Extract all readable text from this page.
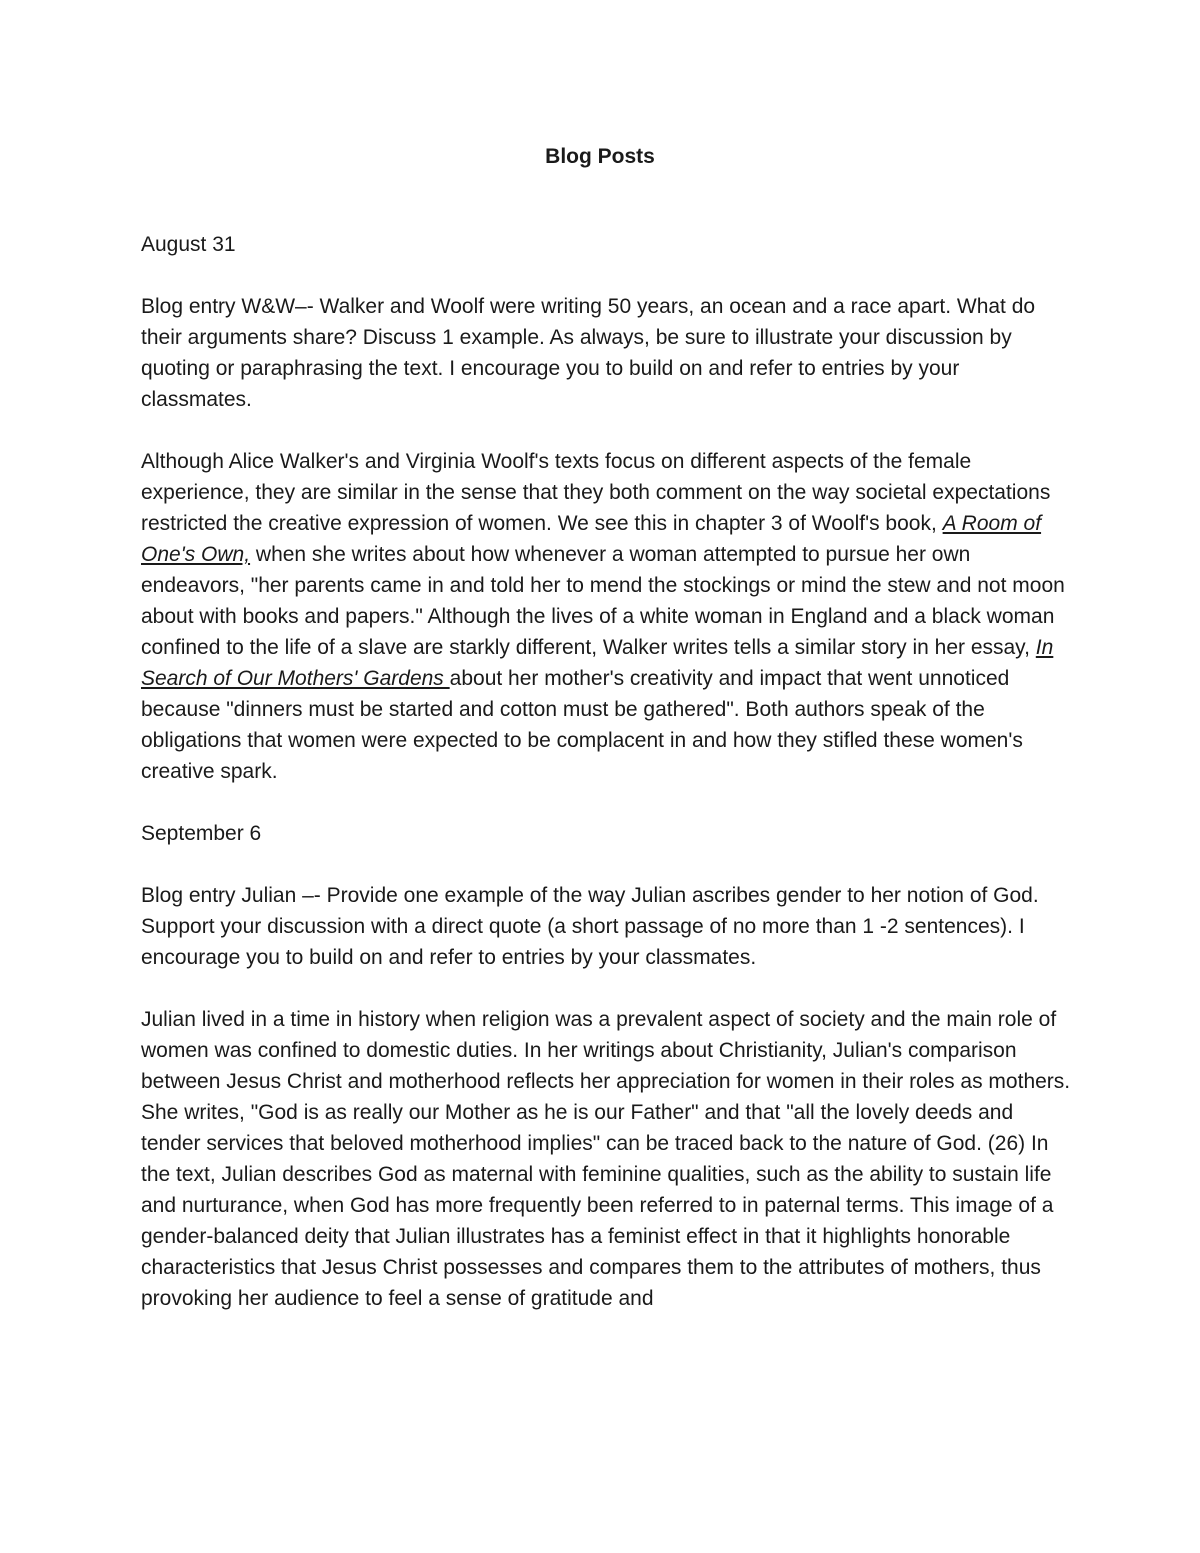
Blog Posts

August 31

Blog entry W&W–- Walker and Woolf were writing 50 years, an ocean and a race apart. What do their arguments share? Discuss 1 example. As always, be sure to illustrate your discussion by quoting or paraphrasing the text. I encourage you to build on and refer to entries by your classmates.

Although Alice Walker's and Virginia Woolf's texts focus on different aspects of the female experience, they are similar in the sense that they both comment on the way societal expectations restricted the creative expression of women. We see this in chapter 3 of Woolf's book, A Room of One's Own, when she writes about how whenever a woman attempted to pursue her own endeavors, "her parents came in and told her to mend the stockings or mind the stew and not moon about with books and papers." Although the lives of a white woman in England and a black woman confined to the life of a slave are starkly different, Walker writes tells a similar story in her essay, In Search of Our Mothers' Gardens about her mother's creativity and impact that went unnoticed because "dinners must be started and cotton must be gathered". Both authors speak of the obligations that women were expected to be complacent in and how they stifled these women's creative spark.

September 6

Blog entry Julian –- Provide one example of the way Julian ascribes gender to her notion of God. Support your discussion with a direct quote (a short passage of no more than 1 -2 sentences). I encourage you to build on and refer to entries by your classmates.

Julian lived in a time in history when religion was a prevalent aspect of society and the main role of women was confined to domestic duties. In her writings about Christianity, Julian's comparison between Jesus Christ and motherhood reflects her appreciation for women in their roles as mothers. She writes, "God is as really our Mother as he is our Father" and that "all the lovely deeds and tender services that beloved motherhood implies" can be traced back to the nature of God. (26) In the text, Julian describes God as maternal with feminine qualities, such as the ability to sustain life and nurturance, when God has more frequently been referred to in paternal terms. This image of a gender-balanced deity that Julian illustrates has a feminist effect in that it highlights honorable characteristics that Jesus Christ possesses and compares them to the attributes of mothers, thus provoking her audience to feel a sense of gratitude and
